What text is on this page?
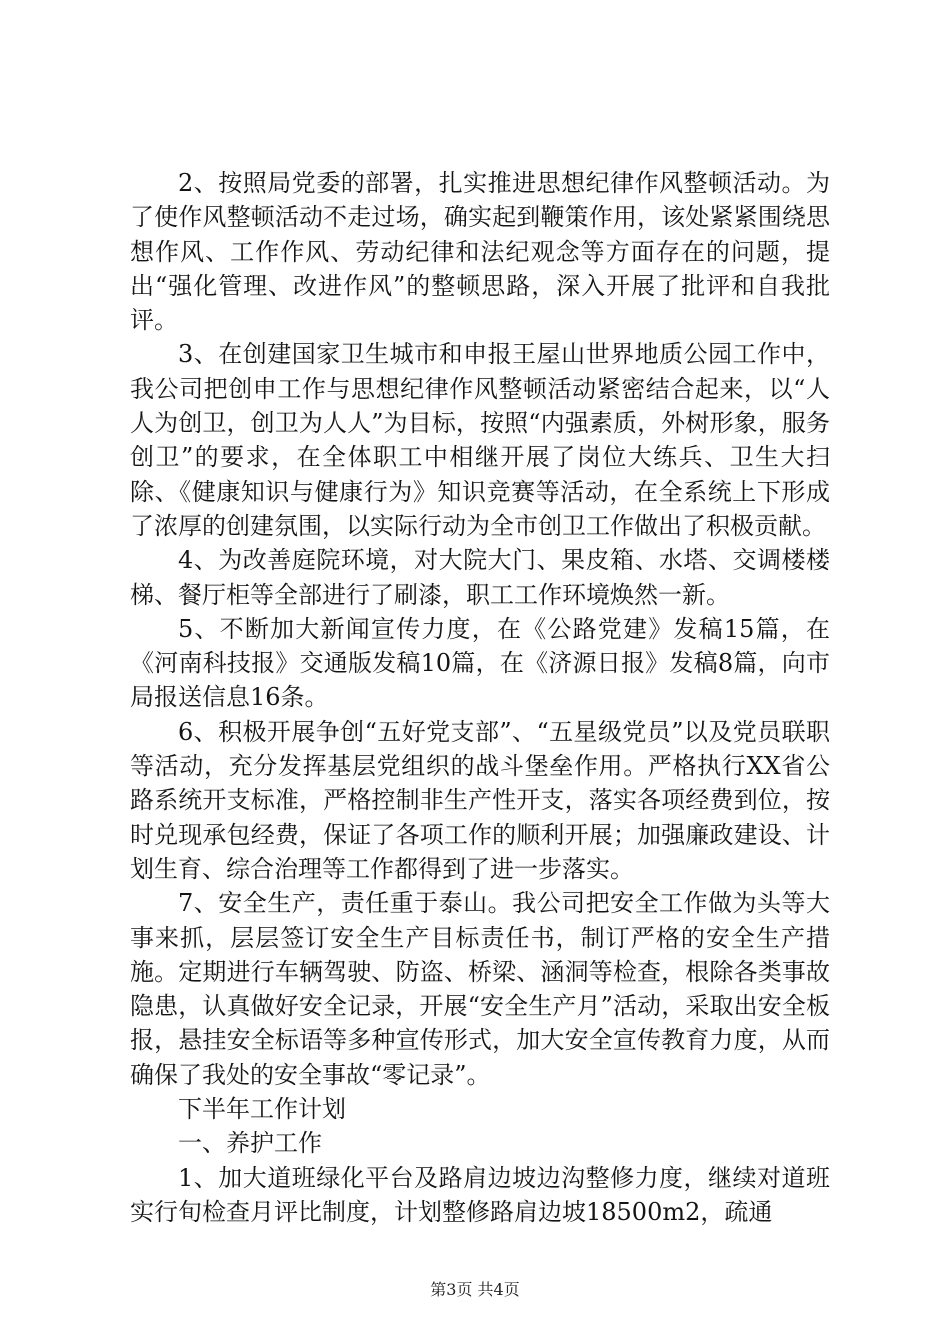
2、按照局党委的部署，扎实推进思想纪律作风整顿活动。为了使作风整顿活动不走过场，确实起到鞭策作用，该处紧紧围绕思想作风、工作作风、劳动纪律和法纪观念等方面存在的问题，提出“强化管理、改进作风”的整顿思路，深入开展了批评和自我批评。

3、在创建国家卫生城市和申报王屋山世界地质公园工作中，我公司把创申工作与思想纪律作风整顿活动紧密结合起来，以“人人为创卫，创卫为人人”为目标，按照“内强素质，外树形象，服务创卫”的要求，在全体职工中相继开展了岗位大练兵、卫生大扫除、《健康知识与健康行为》知识竞赛等活动，在全系统上下形成了浓厚的创建氛围，以实际行动为全市创卫工作做出了积极贡献。

4、为改善庭院环境，对大院大门、果皮箱、水塔、交调楼楼梯、餐厅柜等全部进行了刷漆，职工工作环境焕然一新。

5、不断加大新闻宣传力度，在《公路党建》发稿15篇，在《河南科技报》交通版发稿10篇，在《济源日报》发稿8篇，向市局报送信息16条。

6、积极开展争创“五好党支部”、“五星级党员”以及党员联职等活动，充分发挥基层党组织的战斗堡垒作用。严格执行XX省公路系统开支标准，严格控制非生产性开支，落实各项经费到位，按时兑现承包经费，保证了各项工作的顺利开展；加强廉政建设、计划生育、综合治理等工作都得到了进一步落实。

7、安全生产，责任重于泰山。我公司把安全工作做为头等大事来抓，层层签订安全生产目标责任书，制订严格的安全生产措施。定期进行车辆驾驶、防盗、桥梁、涵洞等检查，根除各类事故隐患，认真做好安全记录，开展“安全生产月”活动，采取出安全板报，悬挂安全标语等多种宣传形式，加大安全宣传教育力度，从而确保了我处的安全事故“零记录”。

下半年工作计划

一、养护工作

1、加大道班绿化平台及路肩边坡边沟整修力度，继续对道班实行旬检查月评比制度，计划整修路肩边坡18500m2，疏通

第3页 共4页
